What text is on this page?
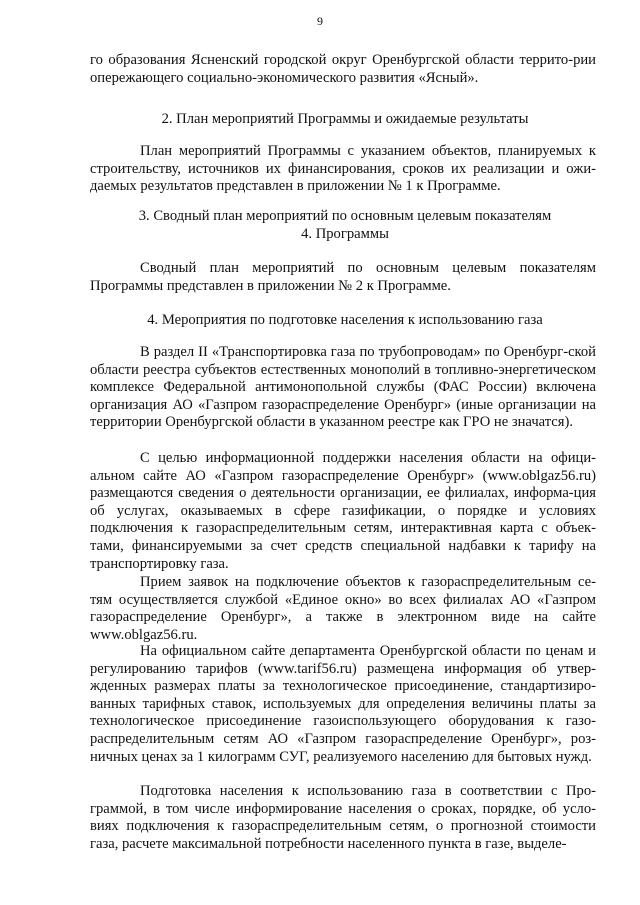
9
го образования Ясненский городской округ Оренбургской области террито-рии опережающего социально-экономического развития «Ясный».
2. План мероприятий Программы и ожидаемые результаты
План мероприятий Программы с указанием объектов, планируемых к строительству, источников их финансирования, сроков их реализации и ожи-даемых результатов представлен в приложении № 1 к Программе.
3. Сводный план мероприятий по основным целевым показателям
4. Программы
Сводный план мероприятий по основным целевым показателям Программы представлен в приложении № 2 к Программе.
4. Мероприятия по подготовке населения к использованию газа
В раздел II «Транспортировка газа по трубопроводам» по Оренбург-ской области реестра субъектов естественных монополий в топливно-энергетическом комплексе Федеральной антимонопольной службы (ФАС России) включена организация АО «Газпром газораспределение Оренбург» (иные организации на территории Оренбургской области в указанном реестре как ГРО не значатся).
С целью информационной поддержки населения области на офици-альном сайте АО «Газпром газораспределение Оренбург» (www.oblgaz56.ru) размещаются сведения о деятельности организации, ее филиалах, информа-ция об услугах, оказываемых в сфере газификации, о порядке и условиях подключения к газораспределительным сетям, интерактивная карта с объек-тами, финансируемыми за счет средств специальной надбавки к тарифу на транспортировку газа.
Прием заявок на подключение объектов к газораспределительным се-тям осуществляется службой «Единое окно» во всех филиалах АО «Газпром газораспределение Оренбург», а также в электронном виде на сайте www.oblgaz56.ru.
На официальном сайте департамента Оренбургской области по ценам и регулированию тарифов (www.tarif56.ru) размещена информация об утвер-жденных размерах платы за технологическое присоединение, стандартизиро-ванных тарифных ставок, используемых для определения величины платы за технологическое присоединение газоиспользующего оборудования к газо-распределительным сетям АО «Газпром газораспределение Оренбург», роз-ничных ценах за 1 килограмм СУГ, реализуемого населению для бытовых нужд.
Подготовка населения к использованию газа в соответствии с Про-граммой, в том числе информирование населения о сроках, порядке, об усло-виях подключения к газораспределительным сетям, о прогнозной стоимости газа, расчете максимальной потребности населенного пункта в газе, выделе-
